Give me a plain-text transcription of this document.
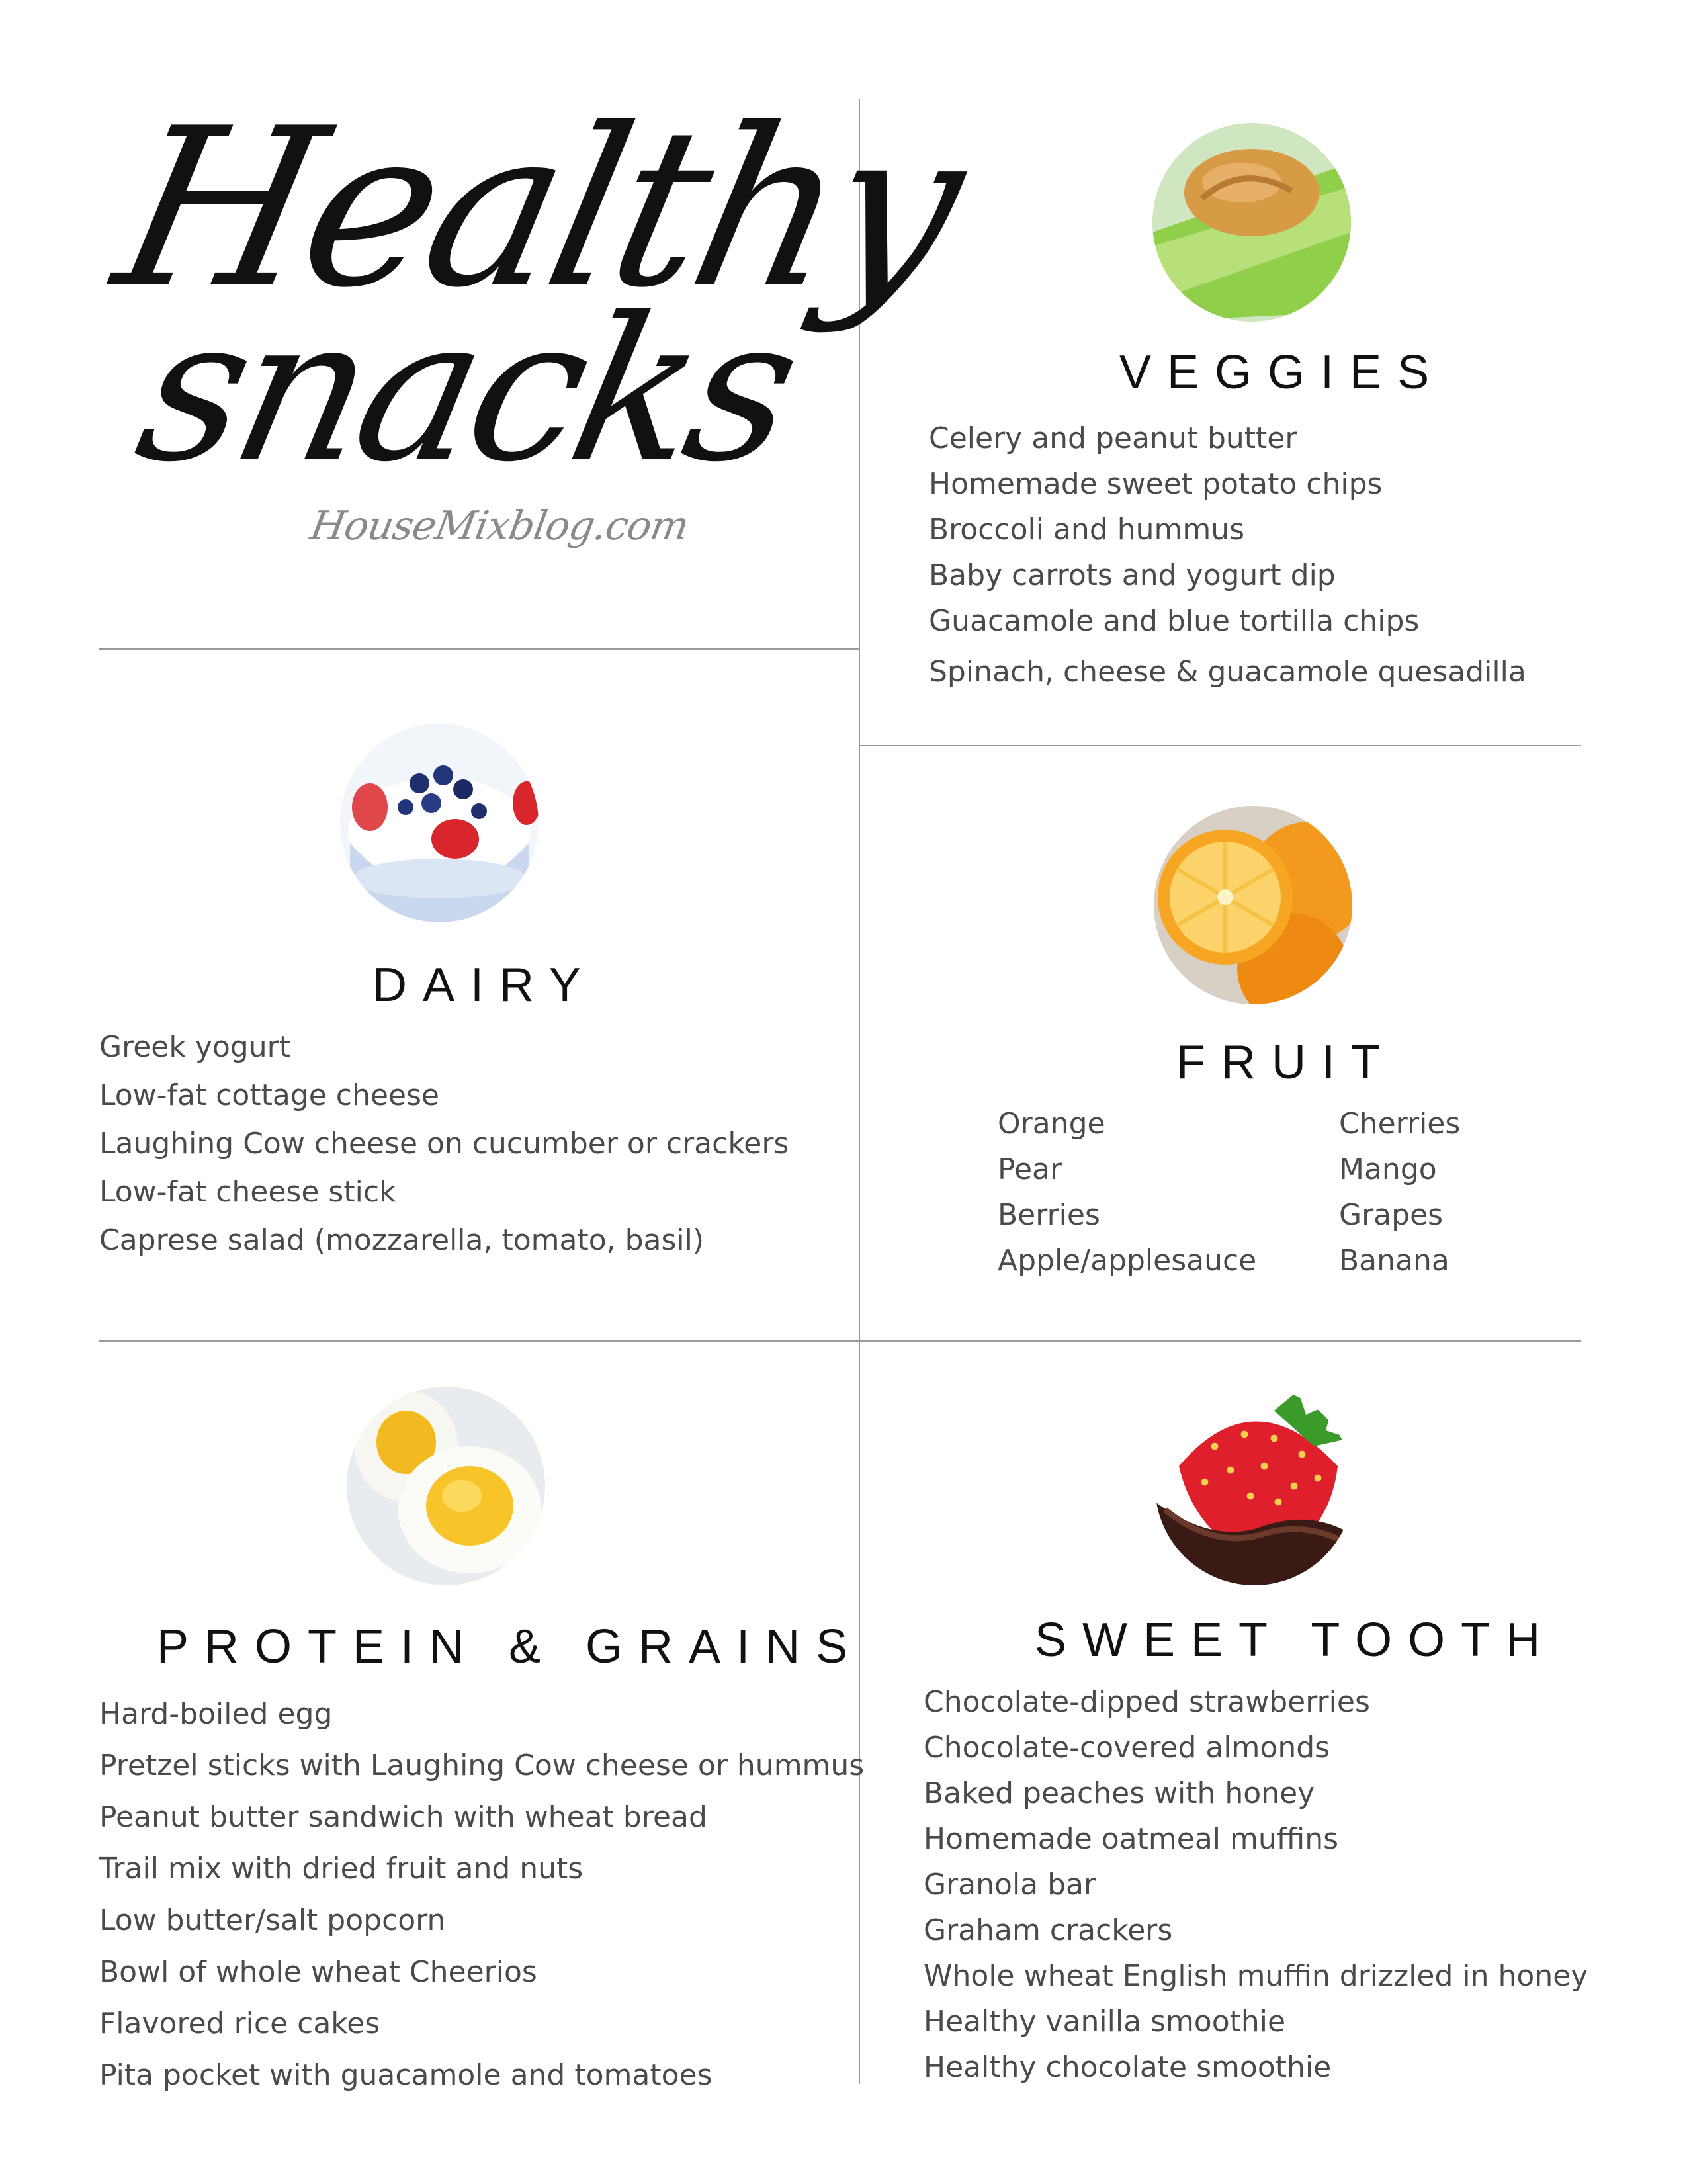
Healthy
snacks
HouseMixblog.com
VEGGIES
Celery and peanut butter
Homemade sweet potato chips
Broccoli and hummus
Baby carrots and yogurt dip
Guacamole and blue tortilla chips
Spinach, cheese & guacamole quesadilla
DAIRY
Greek yogurt
Low-fat cottage cheese
Laughing Cow cheese on cucumber or crackers
Low-fat cheese stick
Caprese salad (mozzarella, tomato, basil)
FRUIT
Orange
Pear
Berries
Apple/applesauce
Cherries
Mango
Grapes
Banana
PROTEIN & GRAINS
Hard-boiled egg
Pretzel sticks with Laughing Cow cheese or hummus
Peanut butter sandwich with wheat bread
Trail mix with dried fruit and nuts
Low butter/salt popcorn
Bowl of whole wheat Cheerios
Flavored rice cakes
Pita pocket with guacamole and tomatoes
SWEET TOOTH
Chocolate-dipped strawberries
Chocolate-covered almonds
Baked peaches with honey
Homemade oatmeal muffins
Granola bar
Graham crackers
Whole wheat English muffin drizzled in honey
Healthy vanilla smoothie
Healthy chocolate smoothie
